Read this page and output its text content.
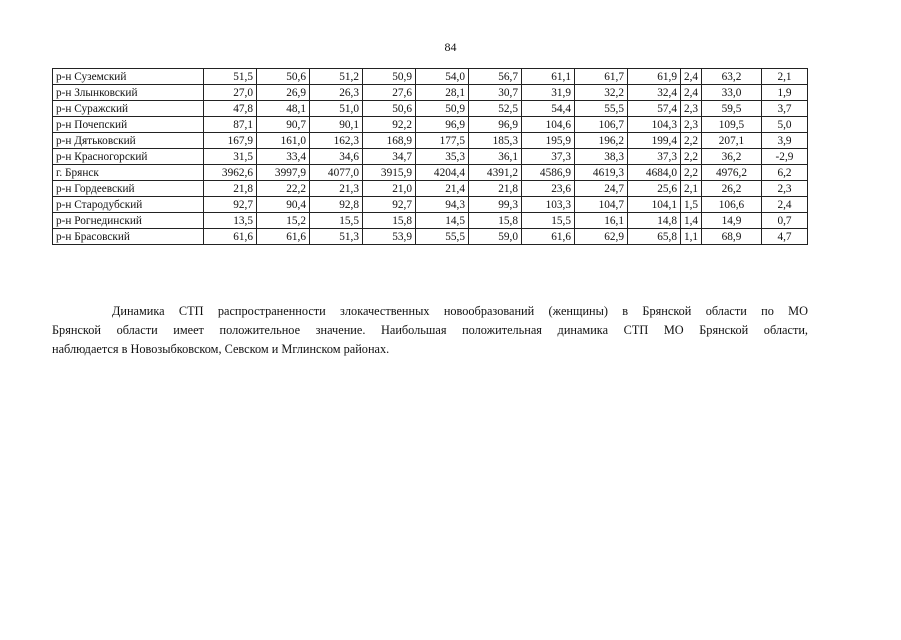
84
р-н Суземский	51,5	50,6	51,2	50,9	54,0	56,7	61,1	61,7	61,9	2,4	63,2	2,1
р-н Злынковский	27,0	26,9	26,3	27,6	28,1	30,7	31,9	32,2	32,4	2,4	33,0	1,9
р-н Суражский	47,8	48,1	51,0	50,6	50,9	52,5	54,4	55,5	57,4	2,3	59,5	3,7
р-н Почепский	87,1	90,7	90,1	92,2	96,9	96,9	104,6	106,7	104,3	2,3	109,5	5,0
р-н Дятьковский	167,9	161,0	162,3	168,9	177,5	185,3	195,9	196,2	199,4	2,2	207,1	3,9
р-н Красногорский	31,5	33,4	34,6	34,7	35,3	36,1	37,3	38,3	37,3	2,2	36,2	-2,9
г. Брянск	3962,6	3997,9	4077,0	3915,9	4204,4	4391,2	4586,9	4619,3	4684,0	2,2	4976,2	6,2
р-н Гордеевский	21,8	22,2	21,3	21,0	21,4	21,8	23,6	24,7	25,6	2,1	26,2	2,3
р-н Стародубский	92,7	90,4	92,8	92,7	94,3	99,3	103,3	104,7	104,1	1,5	106,6	2,4
р-н Рогнединский	13,5	15,2	15,5	15,8	14,5	15,8	15,5	16,1	14,8	1,4	14,9	0,7
р-н Брасовский	61,6	61,6	51,3	53,9	55,5	59,0	61,6	62,9	65,8	1,1	68,9	4,7

Динамика СТП распространенности злокачественных новообразований (женщины) в Брянской области по МО
Брянской области имеет положительное значение. Наибольшая положительная динамика СТП МО Брянской области,
наблюдается в Новозыбковском, Севском и Мглинском районах.
